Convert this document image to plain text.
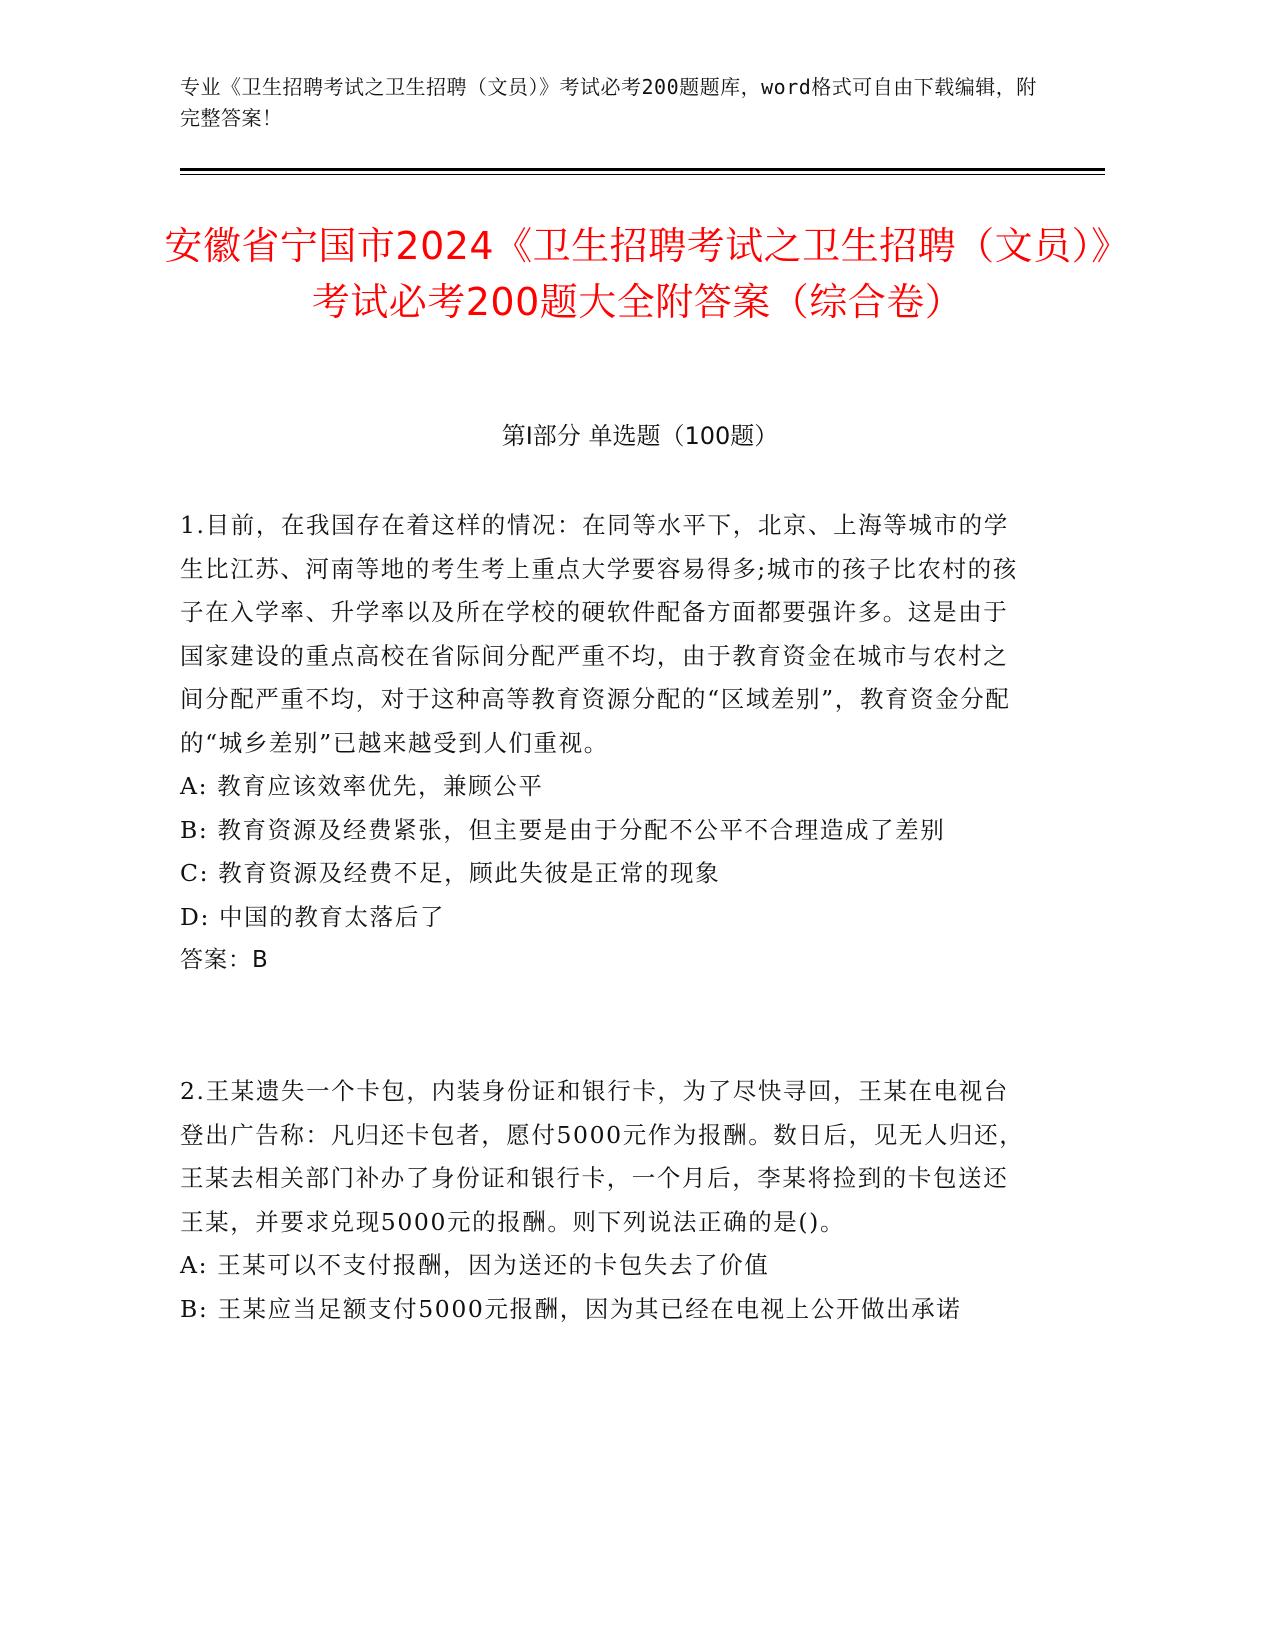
专业《卫生招聘考试之卫生招聘（文员）》考试必考200题题库，word格式可自由下载编辑，附完整答案！
安徽省宁国市2024《卫生招聘考试之卫生招聘（文员）》考试必考200题大全附答案（综合卷）
第I部分 单选题（100题）

1.目前，在我国存在着这样的情况：在同等水平下，北京、上海等城市的学生比江苏、河南等地的考生考上重点大学要容易得多;城市的孩子比农村的孩子在入学率、升学率以及所在学校的硬软件配备方面都要强许多。这是由于国家建设的重点高校在省际间分配严重不均，由于教育资金在城市与农村之间分配严重不均，对于这种高等教育资源分配的“区域差别”，教育资金分配的“城乡差别”已越来越受到人们重视。

A: 教育应该效率优先，兼顾公平

B: 教育资源及经费紧张，但主要是由于分配不公平不合理造成了差别

C: 教育资源及经费不足，顾此失彼是正常的现象

D: 中国的教育太落后了

答案：B

2.王某遗失一个卡包，内装身份证和银行卡，为了尽快寻回，王某在电视台登出广告称：凡归还卡包者，愿付5000元作为报酬。数日后，见无人归还，王某去相关部门补办了身份证和银行卡，一个月后，李某将捡到的卡包送还王某，并要求兑现5000元的报酬。则下列说法正确的是()。

A: 王某可以不支付报酬，因为送还的卡包失去了价值

B: 王某应当足额支付5000元报酬，因为其已经在电视上公开做出承诺
